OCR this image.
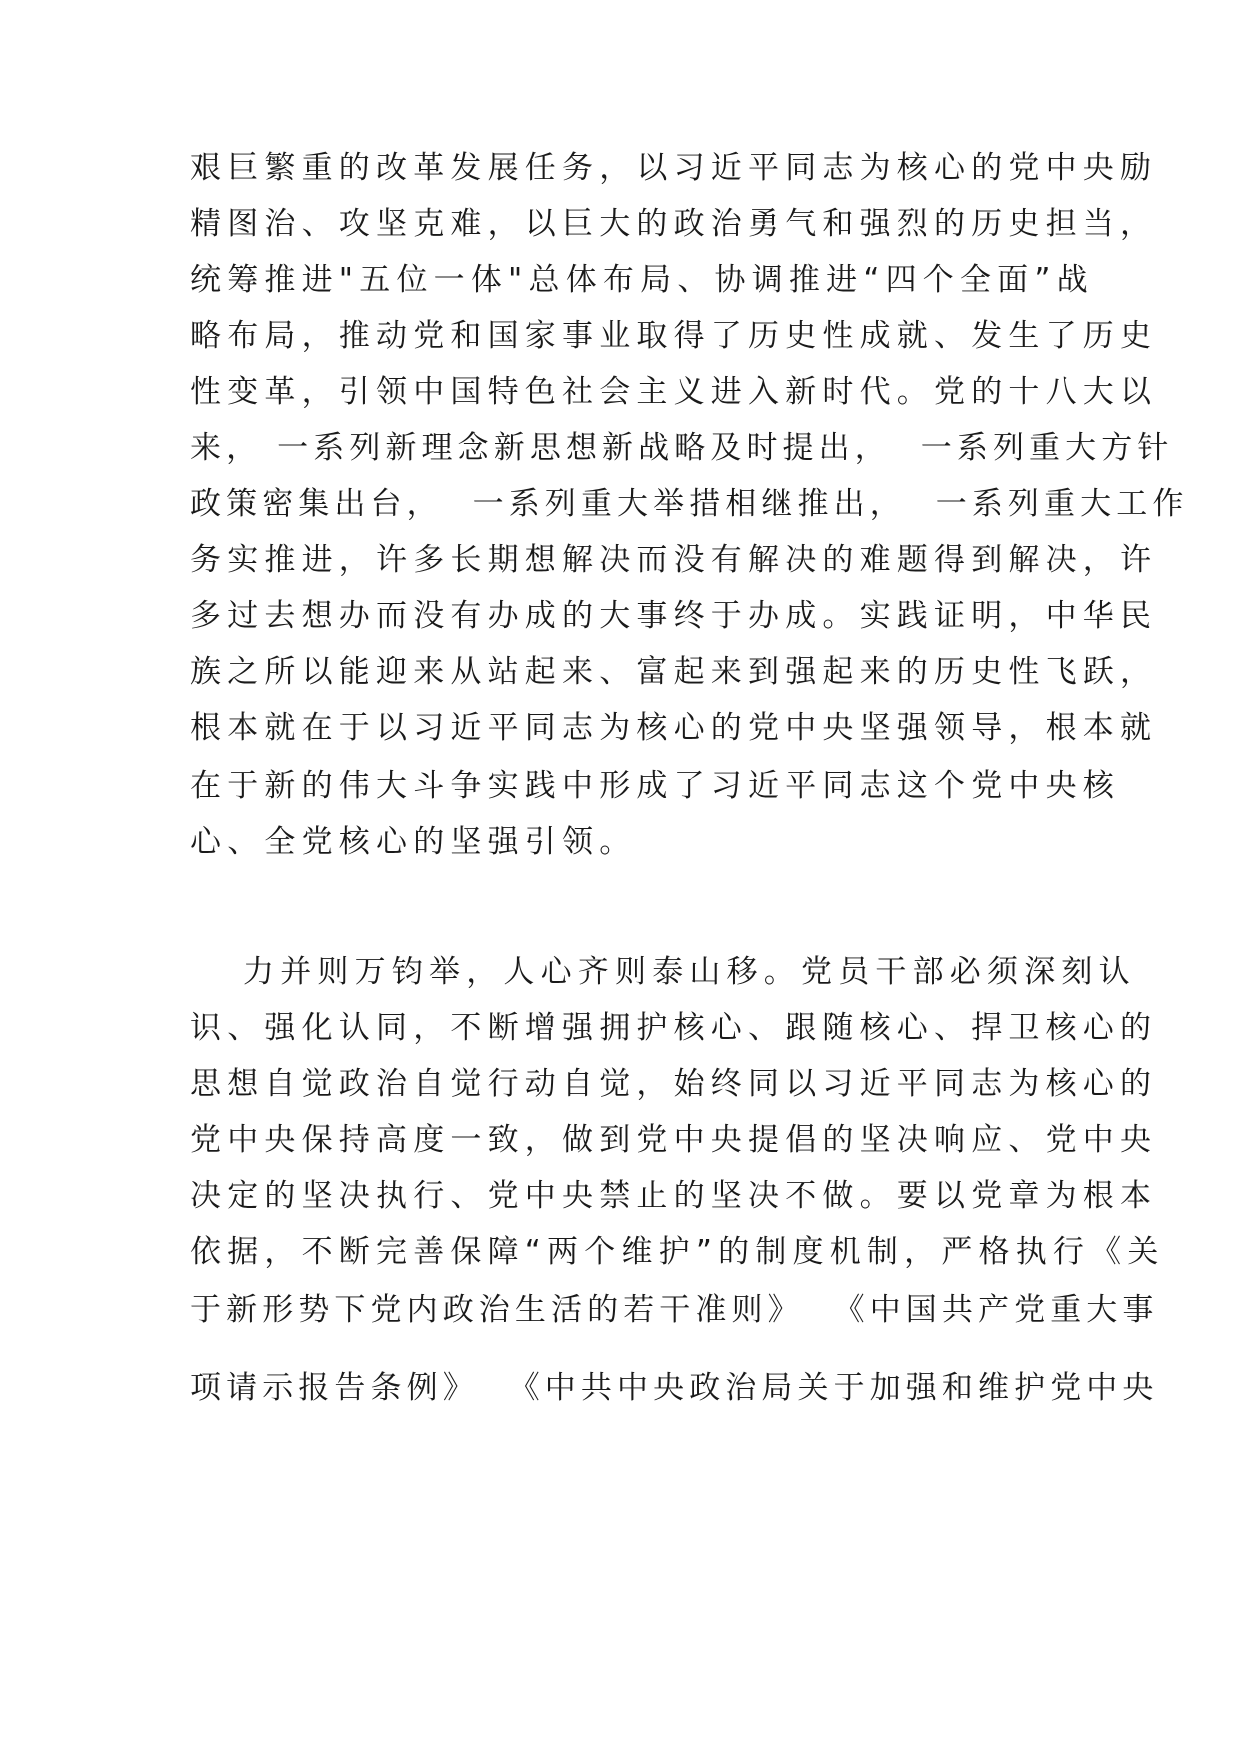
艰巨繁重的改革发展任务，以习近平同志为核心的党中央励
精图治、攻坚克难，以巨大的政治勇气和强烈的历史担当，
统筹推进"五位一体"总体布局、协调推进“四个全面”战
略布局，推动党和国家事业取得了历史性成就、发生了历史
性变革，引领中国特色社会主义进入新时代。党的十八大以
来， 一系列新理念新思想新战略及时提出，  一系列重大方针
政策密集出台，  一系列重大举措相继推出，  一系列重大工作
务实推进，许多长期想解决而没有解决的难题得到解决，许
多过去想办而没有办成的大事终于办成。实践证明，中华民
族之所以能迎来从站起来、富起来到强起来的历史性飞跃，
根本就在于以习近平同志为核心的党中央坚强领导，根本就
在于新的伟大斗争实践中形成了习近平同志这个党中央核
心、全党核心的坚强引领。
力并则万钧举，人心齐则泰山移。党员干部必须深刻认
识、强化认同，不断增强拥护核心、跟随核心、捍卫核心的
思想自觉政治自觉行动自觉，始终同以习近平同志为核心的
党中央保持高度一致，做到党中央提倡的坚决响应、党中央
决定的坚决执行、党中央禁止的坚决不做。要以党章为根本
依据，不断完善保障“两个维护”的制度机制，严格执行《关
于新形势下党内政治生活的若干准则》  《中国共产党重大事
项请示报告条例》  《中共中央政治局关于加强和维护党中央
